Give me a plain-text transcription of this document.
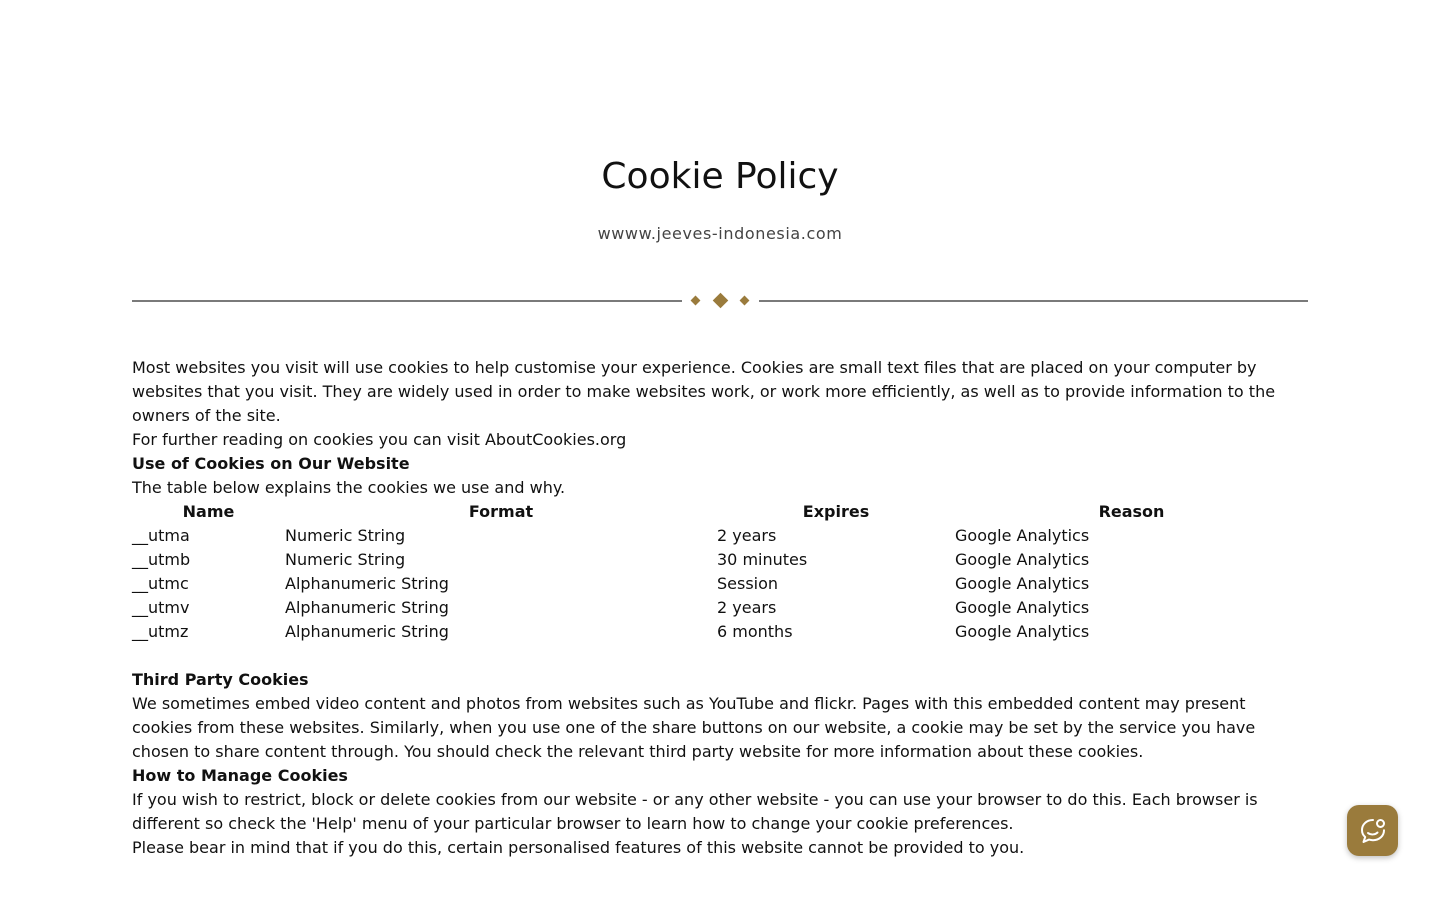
Cookie Policy
wwww.jeeves-indonesia.com

Most websites you visit will use cookies to help customise your experience. Cookies are small text files that are placed on your computer by websites that you visit. They are widely used in order to make websites work, or work more efficiently, as well as to provide information to the owners of the site.

For further reading on cookies you can visit AboutCookies.org

Use of Cookies on Our Website

The table below explains the cookies we use and why.

Name	Format	Expires	Reason
__utma	Numeric String	2 years	Google Analytics
__utmb	Numeric String	30 minutes	Google Analytics
__utmc	Alphanumeric String	Session	Google Analytics
__utmv	Alphanumeric String	2 years	Google Analytics
__utmz	Alphanumeric String	6 months	Google Analytics

Third Party Cookies

We sometimes embed video content and photos from websites such as YouTube and flickr. Pages with this embedded content may present cookies from these websites. Similarly, when you use one of the share buttons on our website, a cookie may be set by the service you have chosen to share content through. You should check the relevant third party website for more information about these cookies.

How to Manage Cookies

If you wish to restrict, block or delete cookies from our website - or any other website - you can use your browser to do this. Each browser is different so check the 'Help' menu of your particular browser to learn how to change your cookie preferences.

Please bear in mind that if you do this, certain personalised features of this website cannot be provided to you.
